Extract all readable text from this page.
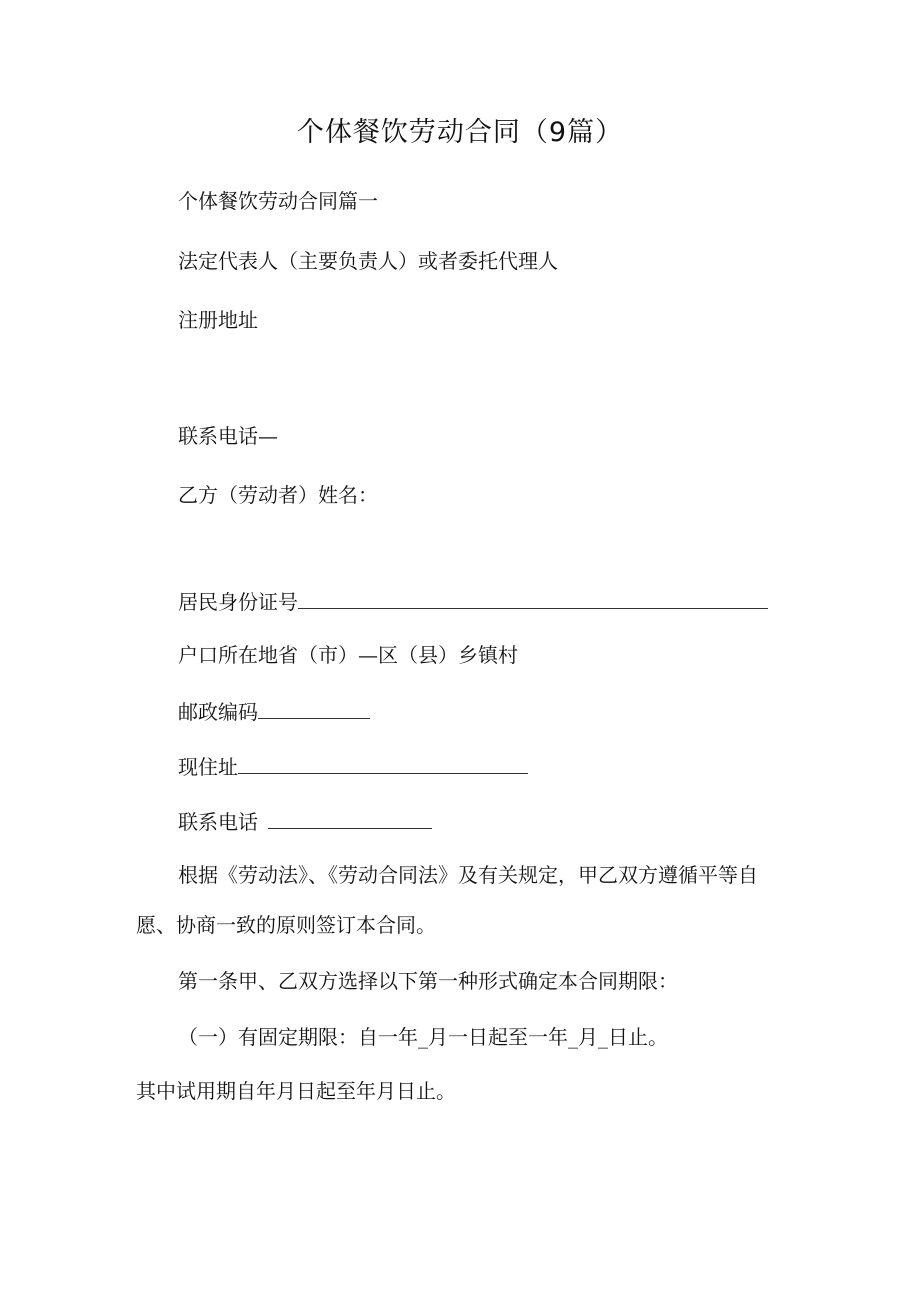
个体餐饮劳动合同（9篇）
个体餐饮劳动合同篇一
法定代表人（主要负责人）或者委托代理人
注册地址
联系电话—
乙方（劳动者）姓名：
居民身份证号
户口所在地省（市）—区（县）乡镇村
邮政编码
现住址
联系电话
根据《劳动法》、《劳动合同法》及有关规定，甲乙双方遵循平等自
愿、协商一致的原则签订本合同。
第一条甲、乙双方选择以下第一种形式确定本合同期限：
（一）有固定期限：自一年_月一日起至一年_月_日止。
其中试用期自年月日起至年月日止。
